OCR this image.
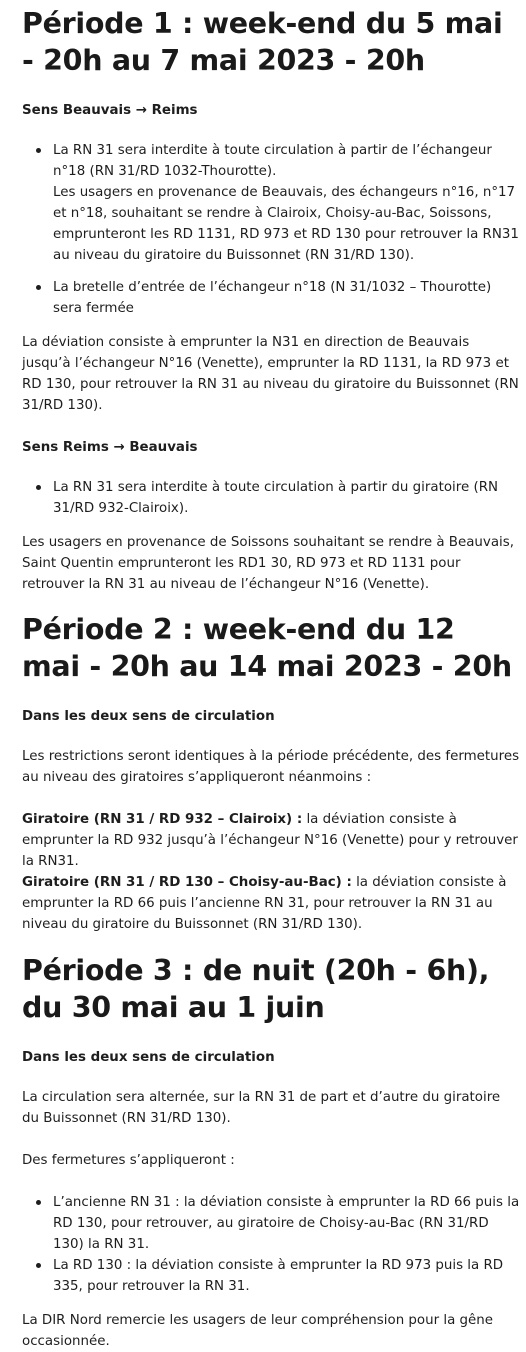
Période 1 : week-end du 5 mai - 20h au 7 mai 2023 - 20h
Sens Beauvais → Reims
La RN 31 sera interdite à toute circulation à partir de l’échangeur n°18 (RN 31/RD 1032-Thourotte).
Les usagers en provenance de Beauvais, des échangeurs n°16, n°17 et n°18, souhaitant se rendre à Clairoix, Choisy-au-Bac, Soissons, emprunteront les RD 1131, RD 973 et RD 130 pour retrouver la RN31 au niveau du giratoire du Buissonnet (RN 31/RD 130).
La bretelle d’entrée de l’échangeur n°18 (N 31/1032 – Thourotte) sera fermée

La déviation consiste à emprunter la N31 en direction de Beauvais jusqu’à l’échangeur N°16 (Venette), emprunter la RD 1131, la RD 973 et RD 130, pour retrouver la RN 31 au niveau du giratoire du Buissonnet (RN 31/RD 130).

Sens Reims → Beauvais
La RN 31 sera interdite à toute circulation à partir du giratoire (RN 31/RD 932-Clairoix).

Les usagers en provenance de Soissons souhaitant se rendre à Beauvais, Saint Quentin emprunteront les RD1 30, RD 973 et RD 1131 pour retrouver la RN 31 au niveau de l’échangeur N°16 (Venette).

Période 2 : week-end du 12 mai - 20h au 14 mai 2023 - 20h
Dans les deux sens de circulation

Les restrictions seront identiques à la période précédente, des fermetures au niveau des giratoires s’appliqueront néanmoins :

Giratoire (RN 31 / RD 932 – Clairoix) : la déviation consiste à emprunter la RD 932 jusqu’à l’échangeur N°16 (Venette) pour y retrouver la RN31.
Giratoire (RN 31 / RD 130 – Choisy-au-Bac) : la déviation consiste à emprunter la RD 66 puis l’ancienne RN 31, pour retrouver la RN 31 au niveau du giratoire du Buissonnet (RN 31/RD 130).

Période 3 : de nuit (20h - 6h), du 30 mai au 1 juin
Dans les deux sens de circulation

La circulation sera alternée, sur la RN 31 de part et d’autre du giratoire du Buissonnet (RN 31/RD 130).

Des fermetures s’appliqueront :

L’ancienne RN 31 : la déviation consiste à emprunter la RD 66 puis la RD 130, pour retrouver, au giratoire de Choisy-au-Bac (RN 31/RD 130) la RN 31.
La RD 130 : la déviation consiste à emprunter la RD 973 puis la RD 335, pour retrouver la RN 31.

La DIR Nord remercie les usagers de leur compréhension pour la gêne occasionnée.
